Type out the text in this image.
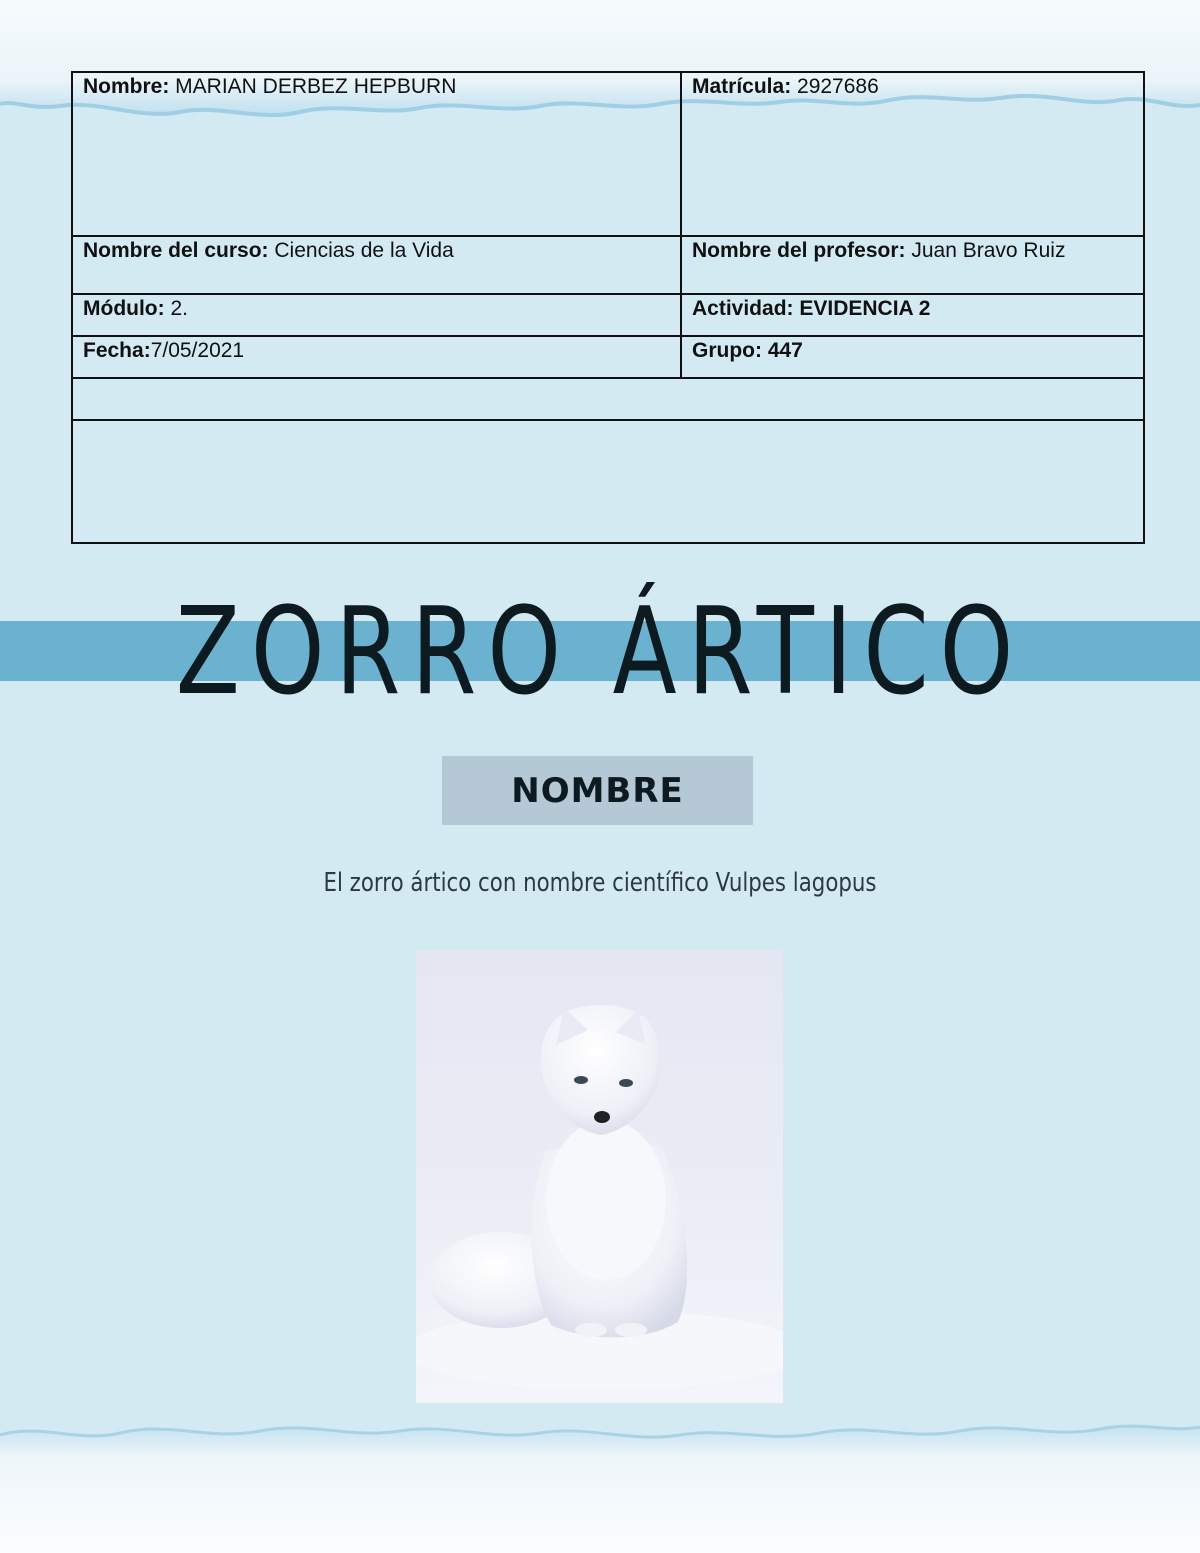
Nombre: MARIAN DERBEZ HEPBURN	Matrícula: 2927686
Nombre del curso: Ciencias de la Vida	Nombre del profesor: Juan Bravo Ruiz
Módulo: 2.	Actividad: EVIDENCIA 2
Fecha:7/05/2021	Grupo: 447

ZORRO ÁRTICO
NOMBRE
El zorro ártico con nombre científico Vulpes lagopus
